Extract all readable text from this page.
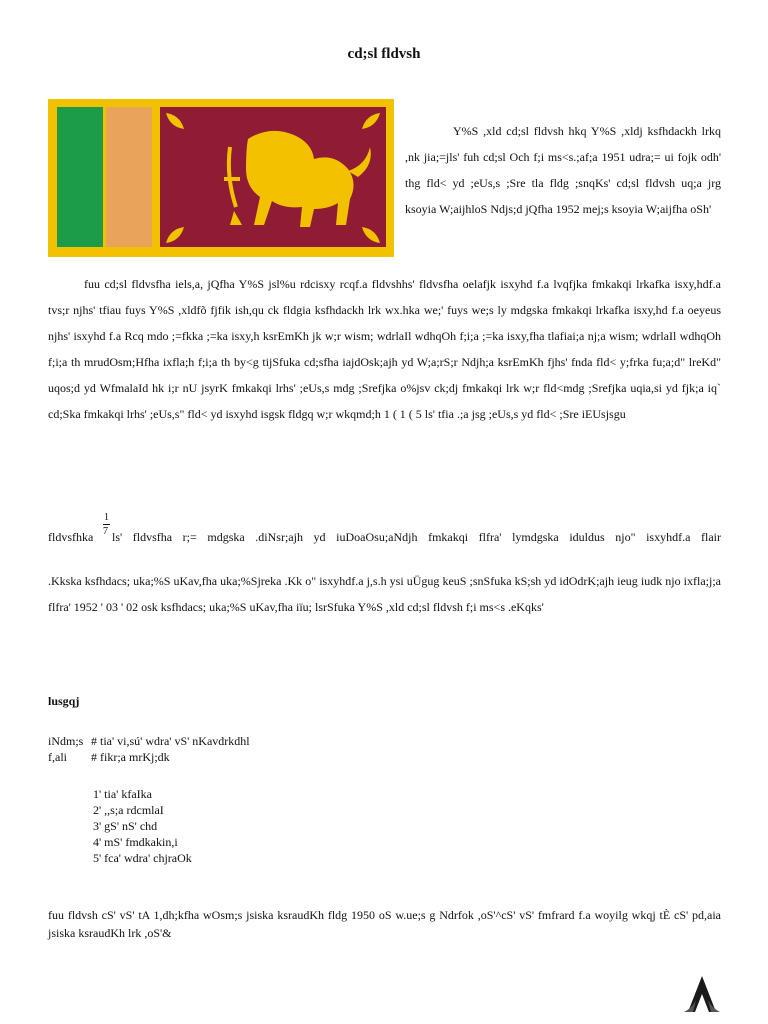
cd;sl fldvsh
Y%S ,xld cd;sl fldvsh hkq Y%S ,xldj ksfhdackh lrkq ,nk jia;=jls' fuh cd;sl Och f;i ms<s.;af;a 1951 udra;= ui fojk odh' thg fld< yd ;eUs,s ;Sre tla fldg ;snqKs' cd;sl fldvsh uq;a jrg ksoyia W;aijhloS Ndjs;d jQfha 1952 mej;s ksoyia W;aijfha oSh'
fuu cd;sl fldvsfha iels,a, jQfha Y%S jsl%u rdcisxy rcqf.a fldvshhs' fldvsfha oelafjk isxyhd f.a lvqfjka fmkakqi lrkafka isxy,hdf.a tvs;r njhs' tfiau fuys Y%S ,xldfõ fjfik ish,qu ck fldgia ksfhdackh lrk wx.hka we;' fuys we;s ly mdgska fmkakqi lrkafka isxy,hd f.a oeyeus njhs' isxyhd f.a Rcq mdo ;=fkka ;=ka isxy,h ksrEmKh jk w;r wism; wdrlaIl wdhqOh f;i;a ;=ka isxy,fha tlafiai;a nj;a wism; wdrlaIl wdhqOh f;i;a th mrudOsm;Hfha ixfla;h f;i;a th by<g tijSfuka cd;sfha iajdOsk;ajh yd W;a;rS;r Ndjh;a ksrEmKh fjhs' fnda fld< y;frka fu;a;d" lreKd" uqos;d yd WfmalaId hk i;r nU jsyrK fmkakqi lrhs' ;eUs,s mdg ;Srefjka o%jsv ck;dj fmkakqi lrk w;r fld<mdg ;Srefjka uqia,si yd fjk;a iq` cd;Ska fmkakqi lrhs' ;eUs,s" fld< yd isxyhd isgsk fldgq w;r wkqmd;h 1 ( 1 ( 5 ls' tfia .;a jsg ;eUs,s yd fld< ;Sre iEUsjsgu
fldvsfhka
1
7 ls' fldvsfha r;= mdgska .diNsr;ajh yd iuDoaOsu;aNdjh fmkakqi flfra' lymdgska iduldus njo" isxyhdf.a flair
.Kkska ksfhdacs; uka;%S uKav,fha uka;%Sjreka .Kk o" isxyhdf.a j,s.h ysi uÜgug keuS ;snSfuka kS;sh yd idOdrK;ajh ieug iudk njo ixfla;j;a flfra' 1952 ' 03 ' 02 osk ksfhdacs; uka;%S uKav,fha iïu; lsrSfuka Y%S ,xld cd;sl fldvsh f;i ms<s .eKqks'
lusgqj
iNdm;s # tia' vi,sú' wdra' vS' nKavdrkdhl
f,ali # fikr;a mrKj;dk
1' tia' kfaIka
2' ,,s;a rdcmlaI
3' gS' nS' chd
4' mS' fmdkakin,i
5' fca' wdra' chjraOk
fuu fldvsh cS' vS' tA 1,dh;kfha wOsm;s jsiska ksraudKh fldg 1950 oS w.ue;s g Ndrfok ,oS'^cS' vS' fmfrard f.a woyilg wkqj tÈ cS' pd,aia jsiska ksraudKh lrk ,oS'&
